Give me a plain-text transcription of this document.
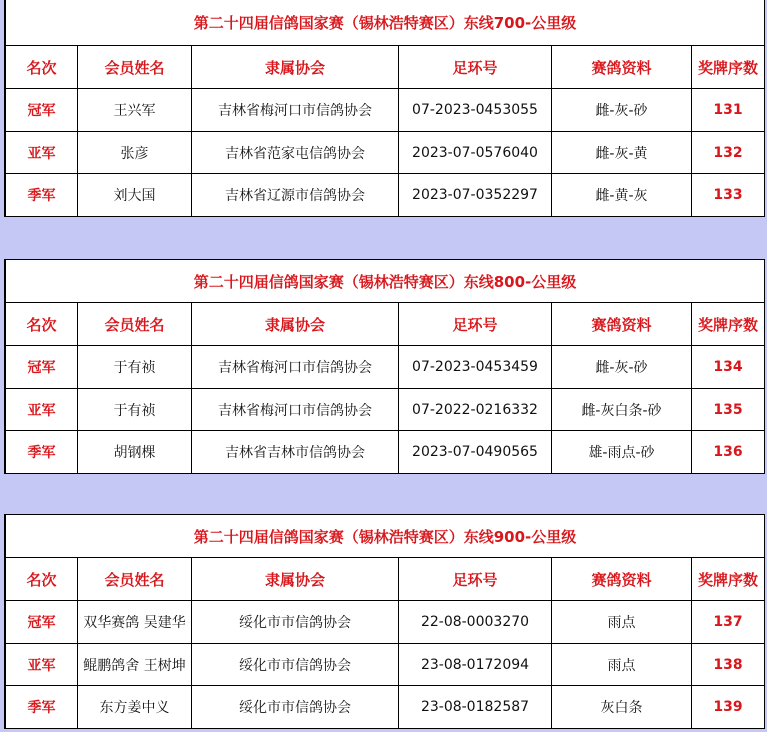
第二十四届信鸽国家赛（锡林浩特赛区）东线700-公里级					
名次	会员姓名	隶属协会	足环号	赛鸽资料	奖牌序数
冠军	王兴军	吉林省梅河口市信鸽协会	07-2023-0453055	雌-灰-砂	131
亚军	张彦	吉林省范家屯信鸽协会	2023-07-0576040	雌-灰-黄	132
季军	刘大国	吉林省辽源市信鸽协会	2023-07-0352297	雌-黄-灰	133
第二十四届信鸽国家赛（锡林浩特赛区）东线800-公里级					
名次	会员姓名	隶属协会	足环号	赛鸽资料	奖牌序数
冠军	于有祯	吉林省梅河口市信鸽协会	07-2023-0453459	雌-灰-砂	134
亚军	于有祯	吉林省梅河口市信鸽协会	07-2022-0216332	雌-灰白条-砂	135
季军	胡钢棵	吉林省吉林市信鸽协会	2023-07-0490565	雄-雨点-砂	136
第二十四届信鸽国家赛（锡林浩特赛区）东线900-公里级					
名次	会员姓名	隶属协会	足环号	赛鸽资料	奖牌序数
冠军	双华赛鸽 吴建华	绥化市市信鸽协会	22-08-0003270	雨点	137
亚军	鲲鹏鸽舍 王树坤	绥化市市信鸽协会	23-08-0172094	雨点	138
季军	东方姜中义	绥化市市信鸽协会	23-08-0182587	灰白条	139
